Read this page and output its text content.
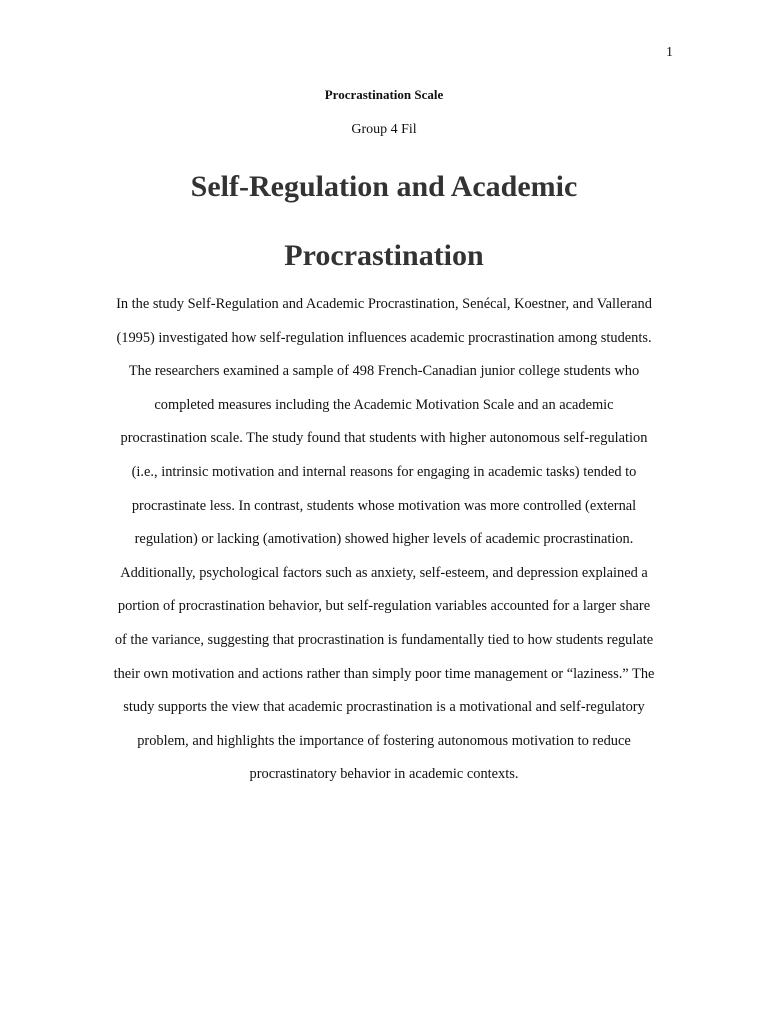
1
Procrastination Scale
Group 4 Fil
Self-Regulation and Academic
Procrastination

In the study Self-Regulation and Academic Procrastination, Senécal, Koestner, and Vallerand
(1995) investigated how self-regulation influences academic procrastination among students.
The researchers examined a sample of 498 French-Canadian junior college students who
completed measures including the Academic Motivation Scale and an academic
procrastination scale. The study found that students with higher autonomous self-regulation
(i.e., intrinsic motivation and internal reasons for engaging in academic tasks) tended to
procrastinate less. In contrast, students whose motivation was more controlled (external
regulation) or lacking (amotivation) showed higher levels of academic procrastination.
Additionally, psychological factors such as anxiety, self-esteem, and depression explained a
portion of procrastination behavior, but self-regulation variables accounted for a larger share
of the variance, suggesting that procrastination is fundamentally tied to how students regulate
their own motivation and actions rather than simply poor time management or “laziness.” The
study supports the view that academic procrastination is a motivational and self-regulatory
problem, and highlights the importance of fostering autonomous motivation to reduce
procrastinatory behavior in academic contexts.
